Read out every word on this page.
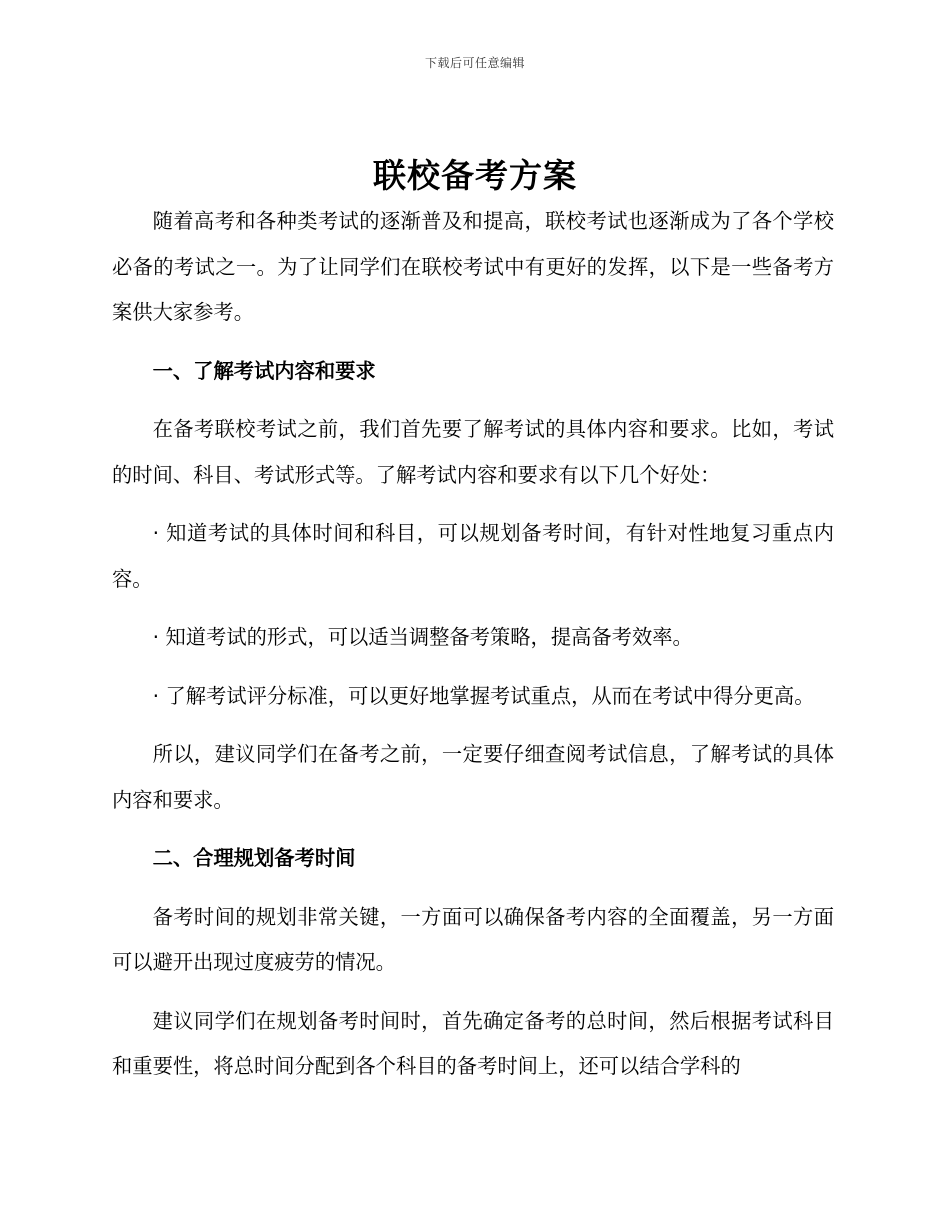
下载后可任意编辑
联校备考方案

随着高考和各种类考试的逐渐普及和提高，联校考试也逐渐成为了各个学校必备的考试之一。为了让同学们在联校考试中有更好的发挥，以下是一些备考方案供大家参考。

一、了解考试内容和要求

在备考联校考试之前，我们首先要了解考试的具体内容和要求。比如，考试的时间、科目、考试形式等。了解考试内容和要求有以下几个好处：

· 知道考试的具体时间和科目，可以规划备考时间，有针对性地复习重点内容。

· 知道考试的形式，可以适当调整备考策略，提高备考效率。

· 了解考试评分标准，可以更好地掌握考试重点，从而在考试中得分更高。

所以，建议同学们在备考之前，一定要仔细查阅考试信息，了解考试的具体内容和要求。

二、合理规划备考时间

备考时间的规划非常关键，一方面可以确保备考内容的全面覆盖，另一方面可以避开出现过度疲劳的情况。

建议同学们在规划备考时间时，首先确定备考的总时间，然后根据考试科目和重要性，将总时间分配到各个科目的备考时间上，还可以结合学科的
